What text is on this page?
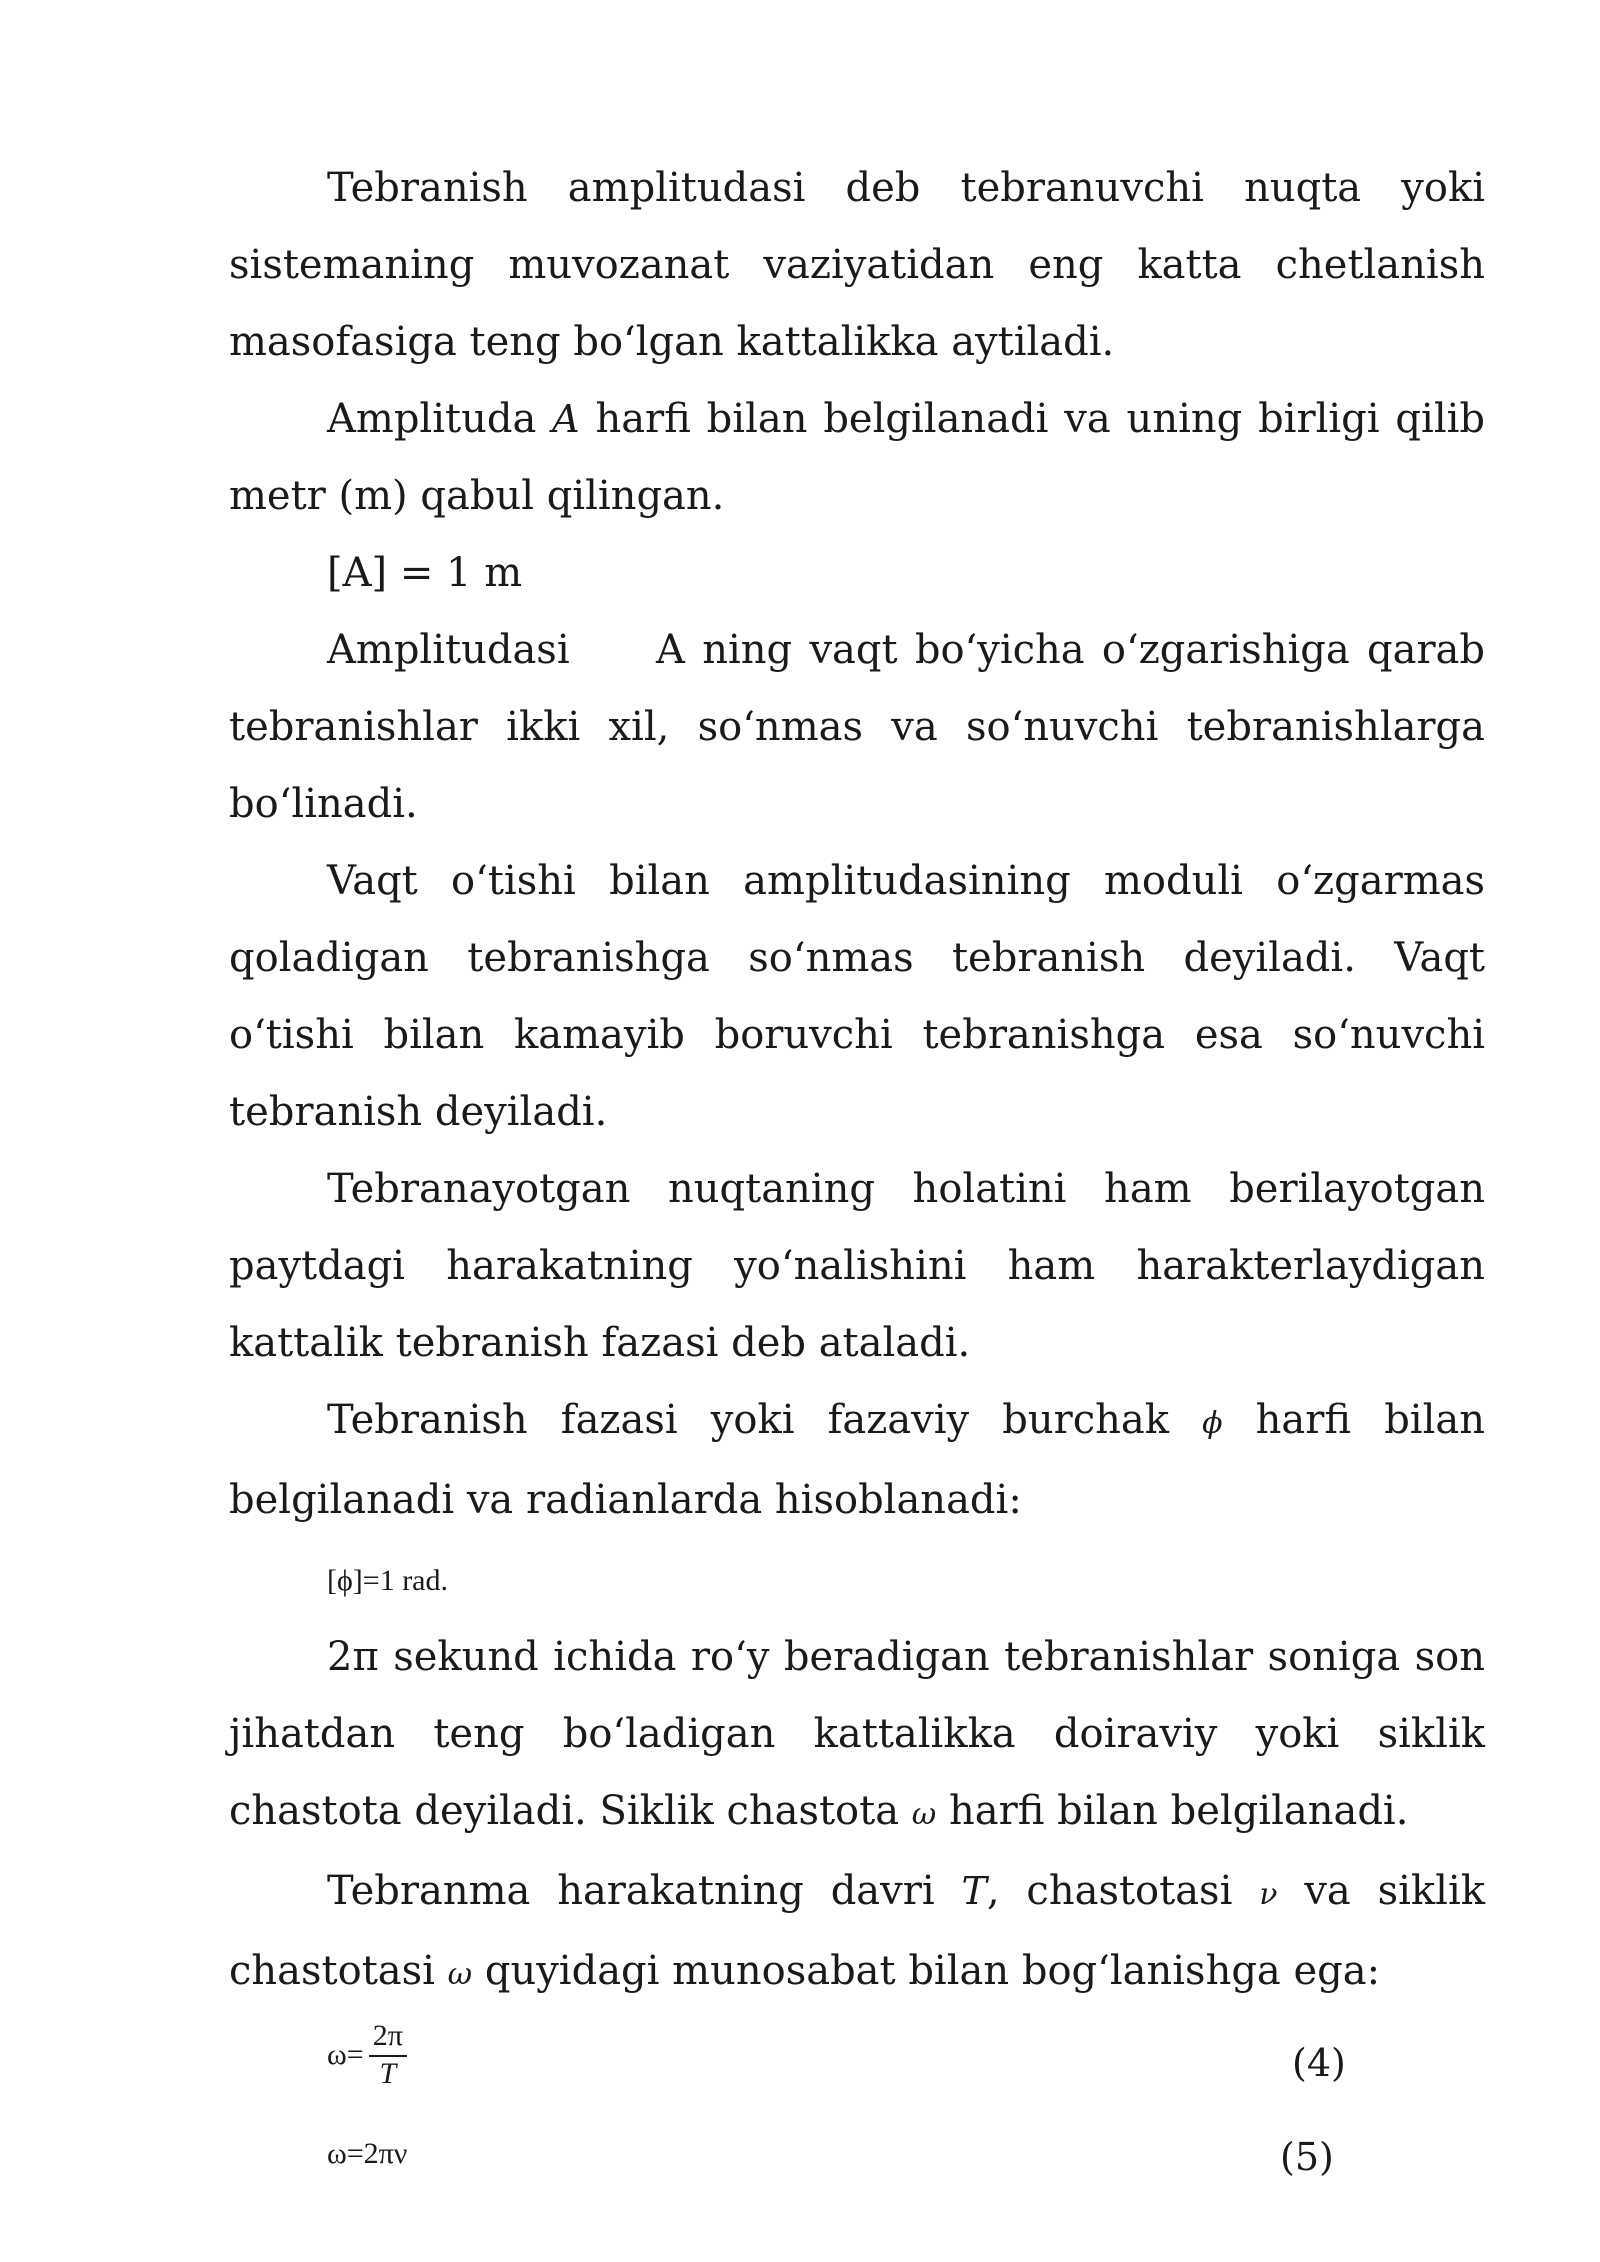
Tebranish amplitudasi deb tebranuvchi nuqta yoki sistemaning muvozanat vaziyatidan eng katta chetlanish masofasiga teng bo‘lgan kattalikka aytiladi.

Amplituda A harfi bilan belgilanadi va uning birligi qilib metr (m) qabul qilingan.

[A] = 1 m

Amplitudasi A ning vaqt bo‘yicha o‘zgarishiga qarab tebranishlar ikki xil, so‘nmas va so‘nuvchi tebranishlarga bo‘linadi.

Vaqt o‘tishi bilan amplitudasining moduli o‘zgarmas qoladigan tebranishga so‘nmas tebranish deyiladi. Vaqt o‘tishi bilan kamayib boruvchi tebranishga esa so‘nuvchi tebranish deyiladi.

Tebranayotgan nuqtaning holatini ham berilayotgan paytdagi harakatning yo‘nalishini ham harakterlaydigan kattalik tebranish fazasi deb ataladi.

Tebranish fazasi yoki fazaviy burchak ϕ harfi bilan belgilanadi va radianlarda hisoblanadi:

[ϕ]=1 rad.

2π sekund ichida ro‘y beradigan tebranishlar soniga son jihatdan teng bo‘ladigan kattalikka doiraviy yoki siklik chastota deyiladi. Siklik chastota ω harfi bilan belgilanadi.

Tebranma harakatning davri T, chastotasi ν va siklik chastotasi ω quyidagi munosabat bilan bog‘lanishga ega:

$\omega= \frac{2\pi}{T}$	(4)
ω=2πν	(5)
